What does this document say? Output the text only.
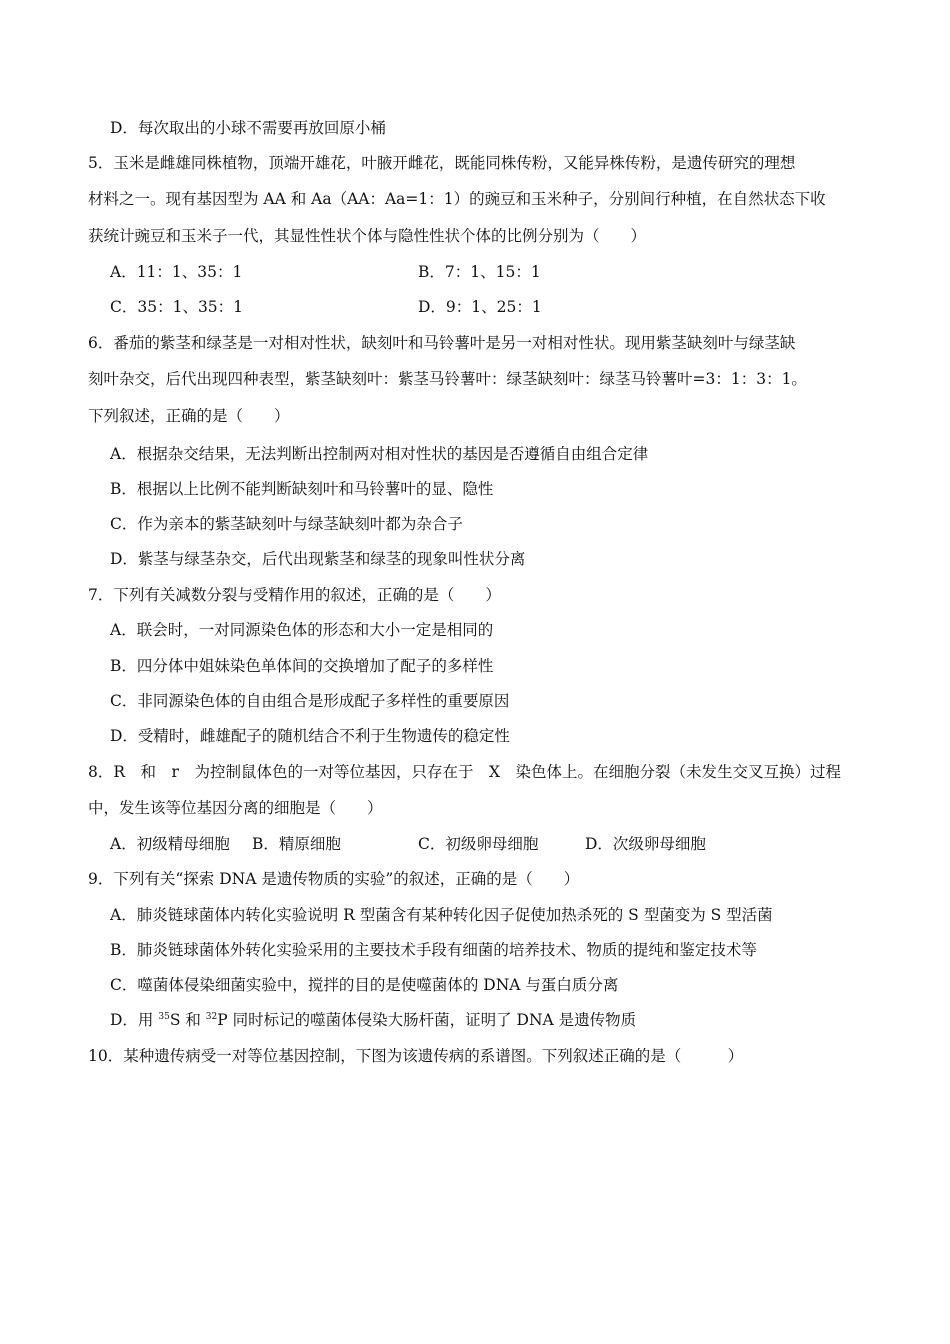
D．每次取出的小球不需要再放回原小桶
5．玉米是雌雄同株植物，顶端开雄花，叶腋开雌花，既能同株传粉，又能异株传粉，是遗传研究的理想
材料之一。现有基因型为 AA 和 Aa（AA：Aa=1：1）的豌豆和玉米种子，分别间行种植，在自然状态下收
获统计豌豆和玉米子一代，其显性性状个体与隐性性状个体的比例分别为（　　）
A．11：1、35：1	B．7：1、15：1
C．35：1、35：1	D．9：1、25：1
6．番茄的紫茎和绿茎是一对相对性状，缺刻叶和马铃薯叶是另一对相对性状。现用紫茎缺刻叶与绿茎缺
刻叶杂交，后代出现四种表型，紫茎缺刻叶：紫茎马铃薯叶：绿茎缺刻叶：绿茎马铃薯叶=3：1：3：1。
下列叙述，正确的是（　　）
A．根据杂交结果，无法判断出控制两对相对性状的基因是否遵循自由组合定律
B．根据以上比例不能判断缺刻叶和马铃薯叶的显、隐性
C．作为亲本的紫茎缺刻叶与绿茎缺刻叶都为杂合子
D．紫茎与绿茎杂交，后代出现紫茎和绿茎的现象叫性状分离
7．下列有关减数分裂与受精作用的叙述，正确的是（　　）
A．联会时，一对同源染色体的形态和大小一定是相同的
B．四分体中姐妹染色单体间的交换增加了配子的多样性
C．非同源染色体的自由组合是形成配子多样性的重要原因
D．受精时，雌雄配子的随机结合不利于生物遗传的稳定性
8．R　和　r　为控制鼠体色的一对等位基因，只存在于　X　染色体上。在细胞分裂（未发生交叉互换）过程
中，发生该等位基因分离的细胞是（　　）
A．初级精母细胞 B．精原细胞	C．初级卵母细胞	D．次级卵母细胞
9．下列有关“探索 DNA 是遗传物质的实验”的叙述，正确的是（　　）
A．肺炎链球菌体内转化实验说明 R 型菌含有某种转化因子促使加热杀死的 S 型菌变为 S 型活菌
B．肺炎链球菌体外转化实验采用的主要技术手段有细菌的培养技术、物质的提纯和鉴定技术等
C．噬菌体侵染细菌实验中，搅拌的目的是使噬菌体的 DNA 与蛋白质分离
D．用 $^{35}$S 和 $^{32}$P 同时标记的噬菌体侵染大肠杆菌，证明了 DNA 是遗传物质
10．某种遗传病受一对等位基因控制，下图为该遗传病的系谱图。下列叙述正确的是（　　　）
